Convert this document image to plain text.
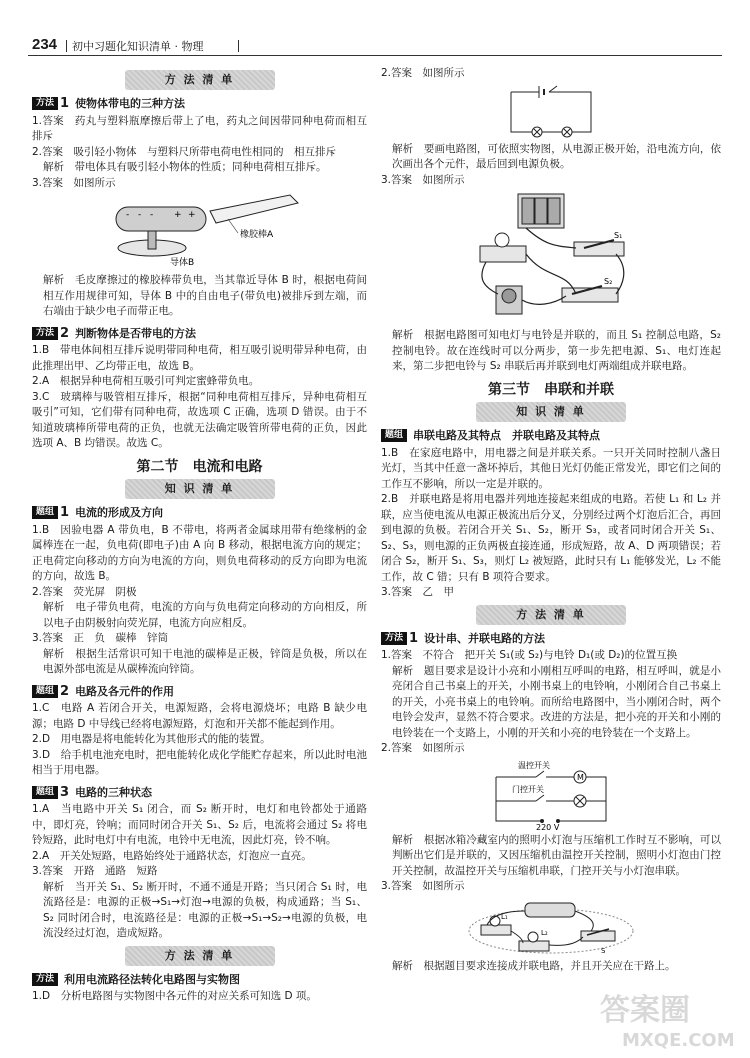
234 初中习题化知识清单 · 物理
方 法 清 单
方法 1 使物体带电的三种方法

1.答案　药丸与塑料瓶摩擦后带上了电，药丸之间因带同种电荷而相互排斥

2.答案　吸引轻小物体　与塑料尺所带电荷电性相同的　相互排斥

解析　带电体具有吸引轻小物体的性质；同种电荷相互排斥。

3.答案　如图所示

- - - + +
橡胶棒A
导体B

解析　毛皮摩擦过的橡胶棒带负电，当其靠近导体 B 时，根据电荷间相互作用规律可知，导体 B 中的自由电子(带负电)被排斥到左端，而右端由于缺少电子而带正电。

方法 2 判断物体是否带电的方法

1.B　带电体间相互排斥说明带同种电荷，相互吸引说明带异种电荷，由此推理出甲、乙均带正电，故选 B。

2.A　根据异种电荷相互吸引可判定蜜蜂带负电。

3.C　玻璃棒与吸管相互排斥，根据“同种电荷相互排斥，异种电荷相互吸引”可知，它们带有同种电荷，故选项 C 正确，选项 D 错误。由于不知道玻璃棒所带电荷的正负，也就无法确定吸管所带电荷的正负，因此选项 A、B 均错误。故选 C。

第二节　电流和电路
知 识 清 单
题组 1 电流的形成及方向

1.B　因验电器 A 带负电，B 不带电，将两者金属球用带有绝缘柄的金属棒连在一起，负电荷(即电子)由 A 向 B 移动，根据电流方向的规定；正电荷定向移动的方向为电流的方向，则负电荷移动的反方向即为电流的方向，故选 B。

2.答案　荧光屏　阴极

解析　电子带负电荷，电流的方向与负电荷定向移动的方向相反，所以电子由阴极射向荧光屏，电流方向应相反。

3.答案　正　负　碳棒　锌筒

解析　根据生活常识可知干电池的碳棒是正极，锌筒是负极，所以在电源外部电流是从碳棒流向锌筒。

题组 2 电路及各元件的作用

1.C　电路 A 若闭合开关，电源短路，会将电源烧坏；电路 B 缺少电源；电路 D 中导线已经将电源短路，灯泡和开关都不能起到作用。

2.D　用电器是将电能转化为其他形式的能的装置。

3.D　给手机电池充电时，把电能转化成化学能贮存起来，所以此时电池相当于用电器。

题组 3 电路的三种状态

1.A　当电路中开关 S₁ 闭合，而 S₂ 断开时，电灯和电铃都处于通路中，即灯亮，铃响；而同时闭合开关 S₁、S₂ 后，电流将会通过 S₂ 将电铃短路，此时电灯中有电流，电铃中无电流，因此灯亮，铃不响。

2.A　开关处短路，电路始终处于通路状态，灯泡应一直亮。

3.答案　开路　通路　短路

解析　当开关 S₁、S₂ 断开时，不通不通是开路；当只闭合 S₁ 时，电流路径是：电源的正极→S₁→灯泡→电源的负极，构成通路；当 S₁、S₂ 同时闭合时，电流路径是：电源的正极→S₁→S₂→电源的负极，电流没经过灯泡，造成短路。

方 法 清 单
方法 利用电流路径法转化电路图与实物图

1.D　分析电路图与实物图中各元件的对应关系可知选 D 项。

2.答案　如图所示

解析　要画电路图，可依照实物图，从电源正极开始，沿电流方向，依次画出各个元件，最后回到电源负极。

3.答案　如图所示

S₁
S₂

解析　根据电路图可知电灯与电铃是并联的，而且 S₁ 控制总电路，S₂ 控制电铃。故在连线时可以分两步，第一步先把电源、S₁、电灯连起来，第二步把电铃与 S₂ 串联后再并联到电灯两端组成并联电路。

第三节　串联和并联
知 识 清 单
题组 串联电路及其特点　并联电路及其特点

1.B　在家庭电路中，用电器之间是并联关系。一只开关同时控制八盏日光灯，当其中任意一盏坏掉后，其他日光灯仍能正常发光，即它们之间的工作互不影响，所以一定是并联的。

2.B　并联电路是将用电器并列地连接起来组成的电路。若使 L₁ 和 L₂ 并联，应当使电流从电源正极流出后分叉，分别经过两个灯泡后汇合，再回到电源的负极。若闭合开关 S₁、S₂，断开 S₃，或者同时闭合开关 S₁、S₂、S₃，则电源的正负两极直接连通，形成短路，故 A、D 两项错误；若闭合 S₂，断开 S₁、S₃，则灯 L₂ 被短路，此时只有 L₁ 能够发光，L₂ 不能工作，故 C 错；只有 B 项符合要求。

3.答案　乙　甲

方 法 清 单
方法 1 设计串、并联电路的方法

1.答案　不符合　把开关 S₁(或 S₂)与电铃 D₁(或 D₂)的位置互换

解析　题目要求是设计小亮和小刚相互呼叫的电路，相互呼叫，就是小亮闭合自己书桌上的开关，小刚书桌上的电铃响，小刚闭合自己书桌上的开关，小亮书桌上的电铃响。而所给电路图中，当小刚闭合时，两个电铃会发声，显然不符合要求。改进的方法是，把小亮的开关和小刚的电铃装在一个支路上，小刚的开关和小亮的电铃装在一个支路上。

2.答案　如图所示

温控开关
门控开关
M
220 V

解析　根据冰箱冷藏室内的照明小灯泡与压缩机工作时互不影响，可以判断出它们是并联的，又因压缩机由温控开关控制，照明小灯泡由门控开关控制，故温控开关与压缩机串联，门控开关与小灯泡串联。

3.答案　如图所示

L₁
L₂
S

解析　根据题目要求连接成并联电路，并且开关应在干路上。

答案圈
MXQE.COM
